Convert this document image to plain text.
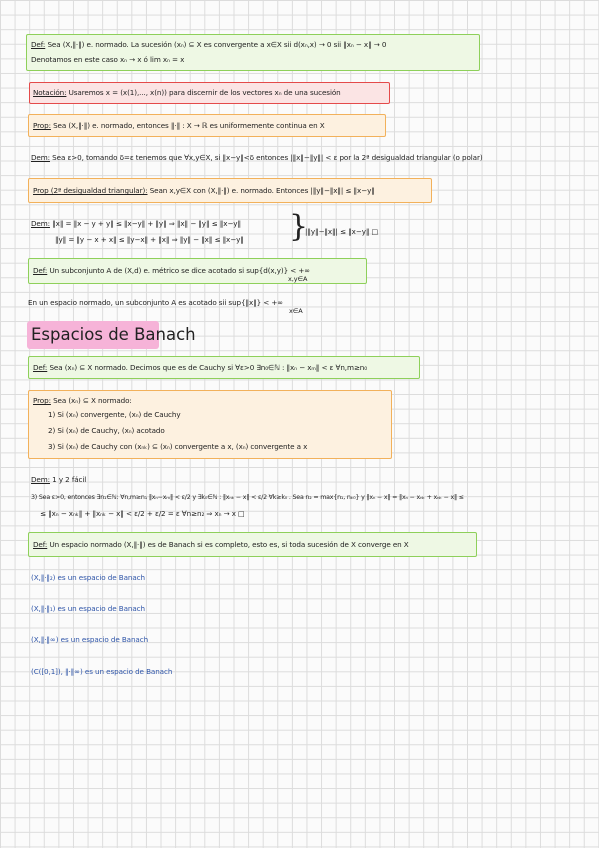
Def: Sea (X,‖·‖) e. normado. La sucesión (xₙ) ⊆ X es convergente a x∈X sii d(xₙ,x) → 0 sii ‖xₙ − x‖ → 0
Denotamos en este caso xₙ → x ó lim xₙ = x
Notación: Usaremos x = (x(1),..., x(n)) para discernir de los vectores xₙ de una sucesión
Prop: Sea (X,‖·‖) e. normado, entonces ‖·‖ : X → ℝ es uniformemente continua en X
Dem: Sea ε>0, tomando δ=ε tenemos que ∀x,y∈X, si ‖x−y‖<δ entonces |‖x‖−‖y‖| < ε por la 2ª desigualdad triangular (o polar)
Prop (2ª desigualdad triangular): Sean x,y∈X con (X,‖·‖) e. normado. Entonces |‖y‖−‖x‖| ≤ ‖x−y‖
Dem: ‖x‖ = ‖x − y + y‖ ≤ ‖x−y‖ + ‖y‖ ⇒ ‖x‖ − ‖y‖ ≤ ‖x−y‖
‖y‖ = ‖y − x + x‖ ≤ ‖y−x‖ + ‖x‖ ⇒ ‖y‖ − ‖x‖ ≤ ‖x−y‖ }
|‖y‖−‖x‖| ≤ ‖x−y‖ □
Def: Un subconjunto A de (X,d) e. métrico se dice acotado si sup{d(x,y)} < +∞
x,y∈A
En un espacio normado, un subconjunto A es acotado sii sup{‖x‖} < +∞
x∈A
Espacios de Banach
Def: Sea (xₙ) ⊆ X normado. Decimos que es de Cauchy si ∀ε>0 ∃n₀∈ℕ : ‖xₙ − xₘ‖ < ε ∀n,m≥n₀
Prop: Sea (xₙ) ⊆ X normado:
1) Si (xₙ) convergente, (xₙ) de Cauchy
2) Si (xₙ) de Cauchy, (xₙ) acotado
3) Si (xₙ) de Cauchy con (xₙₖ) ⊆ (xₙ) convergente a x, (xₙ) convergente a x
Dem: 1 y 2 fácil
3) Sea ε>0, entonces ∃n₁∈ℕ: ∀n,m≥n₁ ‖xₙ−xₘ‖ < ε/2 y ∃k₀∈ℕ : ‖xₙₖ − x‖ < ε/2 ∀k≥k₀ . Sea n₂ = max{n₁, nₖ₀} y ‖xₙ − x‖ = ‖xₙ − xₙₖ + xₙₖ − x‖ ≤
≤ ‖xₙ − xₙₖ‖ + ‖xₙₖ − x‖ < ε/2 + ε/2 = ε ∀n≥n₂ ⇒ xₙ → x □
Def: Un espacio normado (X,‖·‖) es de Banach si es completo, esto es, si toda sucesión de X converge en X
(X,‖·‖₂) es un espacio de Banach
(X,‖·‖₁) es un espacio de Banach
(X,‖·‖∞) es un espacio de Banach
(C([0,1]), ‖·‖∞) es un espacio de Banach
